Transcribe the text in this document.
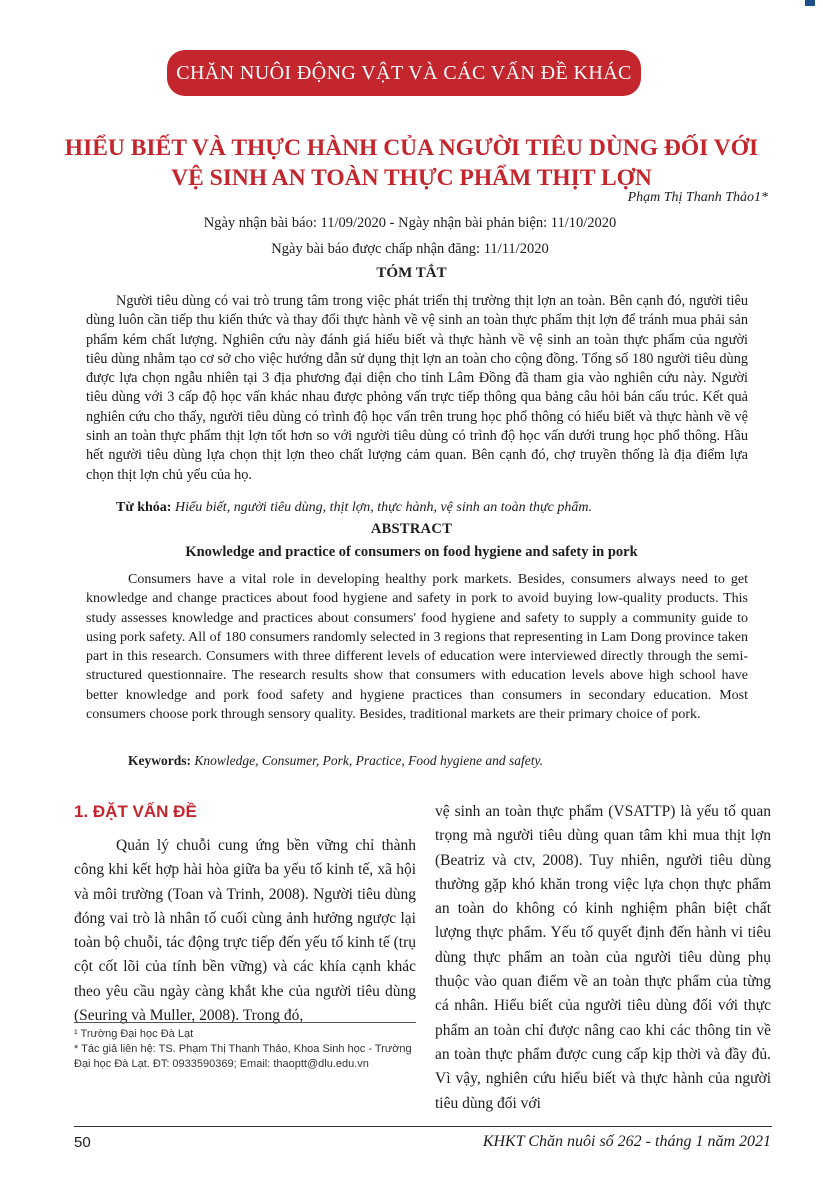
CHĂN NUÔI ĐỘNG VẬT VÀ CÁC VẤN ĐỀ KHÁC
HIỂU BIẾT VÀ THỰC HÀNH CỦA NGƯỜI TIÊU DÙNG ĐỐI VỚI
VỆ SINH AN TOÀN THỰC PHẨM THỊT LỢN

Phạm Thị Thanh Thảo1*

Ngày nhận bài báo: 11/09/2020 - Ngày nhận bài phản biện: 11/10/2020

Ngày bài báo được chấp nhận đăng: 11/11/2020

TÓM TẮT

Người tiêu dùng có vai trò trung tâm trong việc phát triển thị trường thịt lợn an toàn. Bên cạnh đó, người tiêu dùng luôn cần tiếp thu kiến thức và thay đổi thực hành về vệ sinh an toàn thực phẩm thịt lợn để tránh mua phải sản phẩm kém chất lượng. Nghiên cứu này đánh giá hiểu biết và thực hành về vệ sinh an toàn thực phẩm của người tiêu dùng nhằm tạo cơ sở cho việc hướng dẫn sử dụng thịt lợn an toàn cho cộng đồng. Tổng số 180 người tiêu dùng được lựa chọn ngẫu nhiên tại 3 địa phương đại diện cho tỉnh Lâm Đồng đã tham gia vào nghiên cứu này. Người tiêu dùng với 3 cấp độ học vấn khác nhau được phỏng vấn trực tiếp thông qua bảng câu hỏi bán cấu trúc. Kết quả nghiên cứu cho thấy, người tiêu dùng có trình độ học vấn trên trung học phổ thông có hiểu biết và thực hành về vệ sinh an toàn thực phẩm thịt lợn tốt hơn so với người tiêu dùng có trình độ học vấn dưới trung học phổ thông. Hầu hết người tiêu dùng lựa chọn thịt lợn theo chất lượng cảm quan. Bên cạnh đó, chợ truyền thống là địa điểm lựa chọn thịt lợn chủ yếu của họ.

Từ khóa: Hiểu biết, người tiêu dùng, thịt lợn, thực hành, vệ sinh an toàn thực phẩm.

ABSTRACT

Knowledge and practice of consumers on food hygiene and safety in pork

Consumers have a vital role in developing healthy pork markets. Besides, consumers always need to get knowledge and change practices about food hygiene and safety in pork to avoid buying low-quality products. This study assesses knowledge and practices about consumers' food hygiene and safety to supply a community guide to using pork safety. All of 180 consumers randomly selected in 3 regions that representing in Lam Dong province taken part in this research. Consumers with three different levels of education were interviewed directly through the semi-structured questionnaire. The research results show that consumers with education levels above high school have better knowledge and pork food safety and hygiene practices than consumers in secondary education. Most consumers choose pork through sensory quality. Besides, traditional markets are their primary choice of pork.

Keywords: Knowledge, Consumer, Pork, Practice, Food hygiene and safety.

1. ĐẶT VẤN ĐỀ

Quản lý chuỗi cung ứng bền vững chỉ thành công khi kết hợp hài hòa giữa ba yếu tố kinh tế, xã hội và môi trường (Toan và Trinh, 2008). Người tiêu dùng đóng vai trò là nhân tố cuối cùng ảnh hưởng ngược lại toàn bộ chuỗi, tác động trực tiếp đến yếu tố kinh tế (trụ cột cốt lõi của tính bền vững) và các khía cạnh khác theo yêu cầu ngày càng khắt khe của người tiêu dùng (Seuring và Muller, 2008). Trong đó,

vệ sinh an toàn thực phẩm (VSATTP) là yếu tố quan trọng mà người tiêu dùng quan tâm khi mua thịt lợn (Beatriz và ctv, 2008). Tuy nhiên, người tiêu dùng thường gặp khó khăn trong việc lựa chọn thực phẩm an toàn do không có kinh nghiệm phân biệt chất lượng thực phẩm. Yếu tố quyết định đến hành vi tiêu dùng thực phẩm an toàn của người tiêu dùng phụ thuộc vào quan điểm về an toàn thực phẩm của từng cá nhân. Hiểu biết của người tiêu dùng đối với thực phẩm an toàn chỉ được nâng cao khi các thông tin về an toàn thực phẩm được cung cấp kịp thời và đầy đủ. Vì vậy, nghiên cứu hiểu biết và thực hành của người tiêu dùng đối với

¹ Trường Đại học Đà Lạt

* Tác giả liên hệ: TS. Phạm Thị Thanh Thảo, Khoa Sinh học - Trường Đại học Đà Lạt. ĐT: 0933590369; Email: thaoptt@dlu.edu.vn

50	KHKT Chăn nuôi số 262 - tháng 1 năm 2021
